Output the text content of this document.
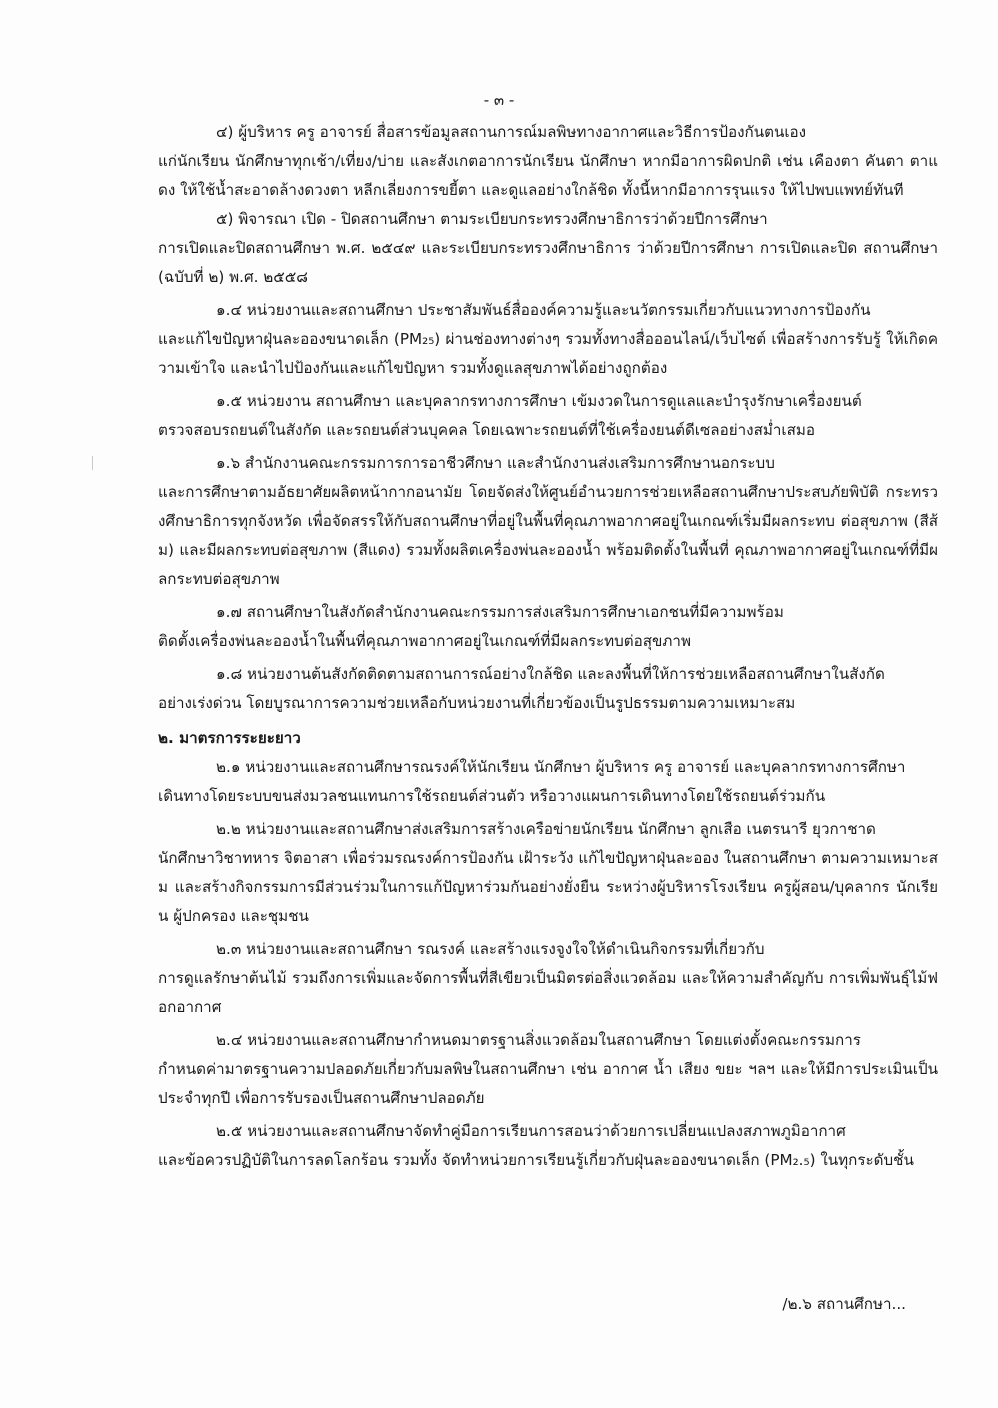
- ๓ -

๔) ผู้บริหาร ครู อาจารย์ สื่อสารข้อมูลสถานการณ์มลพิษทางอากาศและวิธีการป้องกันตนเอง
แก่นักเรียน นักศึกษาทุกเช้า/เที่ยง/บ่าย และสังเกตอาการนักเรียน นักศึกษา หากมีอาการผิดปกติ เช่น เคืองตา คันตา ตาแดง ให้ใช้น้ำสะอาดล้างดวงตา หลีกเลี่ยงการขยี้ตา และดูแลอย่างใกล้ชิด ทั้งนี้หากมีอาการรุนแรง ให้ไปพบแพทย์ทันที

๕) พิจารณา เปิด - ปิดสถานศึกษา ตามระเบียบกระทรวงศึกษาธิการว่าด้วยปีการศึกษา
การเปิดและปิดสถานศึกษา พ.ศ. ๒๕๔๙ และระเบียบกระทรวงศึกษาธิการ ว่าด้วยปีการศึกษา การเปิดและปิด สถานศึกษา (ฉบับที่ ๒) พ.ศ. ๒๕๕๘

๑.๔ หน่วยงานและสถานศึกษา ประชาสัมพันธ์สื่อองค์ความรู้และนวัตกรรมเกี่ยวกับแนวทางการป้องกัน
และแก้ไขปัญหาฝุ่นละอองขนาดเล็ก (PM₂₅) ผ่านช่องทางต่างๆ รวมทั้งทางสื่อออนไลน์/เว็บไซต์ เพื่อสร้างการรับรู้ ให้เกิดความเข้าใจ และนำไปป้องกันและแก้ไขปัญหา รวมทั้งดูแลสุขภาพได้อย่างถูกต้อง

๑.๕ หน่วยงาน สถานศึกษา และบุคลากรทางการศึกษา เข้มงวดในการดูแลและบำรุงรักษาเครื่องยนต์
ตรวจสอบรถยนต์ในสังกัด และรถยนต์ส่วนบุคคล โดยเฉพาะรถยนต์ที่ใช้เครื่องยนต์ดีเซลอย่างสม่ำเสมอ

๑.๖ สำนักงานคณะกรรมการการอาชีวศึกษา และสำนักงานส่งเสริมการศึกษานอกระบบ
และการศึกษาตามอัธยาศัยผลิตหน้ากากอนามัย โดยจัดส่งให้ศูนย์อำนวยการช่วยเหลือสถานศึกษาประสบภัยพิบัติ กระทรวงศึกษาธิการทุกจังหวัด เพื่อจัดสรรให้กับสถานศึกษาที่อยู่ในพื้นที่คุณภาพอากาศอยู่ในเกณฑ์เริ่มมีผลกระทบ ต่อสุขภาพ (สีส้ม) และมีผลกระทบต่อสุขภาพ (สีแดง) รวมทั้งผลิตเครื่องพ่นละอองน้ำ พร้อมติดตั้งในพื้นที่ คุณภาพอากาศอยู่ในเกณฑ์ที่มีผลกระทบต่อสุขภาพ

๑.๗ สถานศึกษาในสังกัดสำนักงานคณะกรรมการส่งเสริมการศึกษาเอกชนที่มีความพร้อม
ติดตั้งเครื่องพ่นละอองน้ำในพื้นที่คุณภาพอากาศอยู่ในเกณฑ์ที่มีผลกระทบต่อสุขภาพ

๑.๘ หน่วยงานต้นสังกัดติดตามสถานการณ์อย่างใกล้ชิด และลงพื้นที่ให้การช่วยเหลือสถานศึกษาในสังกัด
อย่างเร่งด่วน โดยบูรณาการความช่วยเหลือกับหน่วยงานที่เกี่ยวข้องเป็นรูปธรรมตามความเหมาะสม

๒. มาตรการระยะยาว

๒.๑ หน่วยงานและสถานศึกษารณรงค์ให้นักเรียน นักศึกษา ผู้บริหาร ครู อาจารย์ และบุคลากรทางการศึกษา
เดินทางโดยระบบขนส่งมวลชนแทนการใช้รถยนต์ส่วนตัว หรือวางแผนการเดินทางโดยใช้รถยนต์ร่วมกัน

๒.๒ หน่วยงานและสถานศึกษาส่งเสริมการสร้างเครือข่ายนักเรียน นักศึกษา ลูกเสือ เนตรนารี ยุวกาชาด
นักศึกษาวิชาทหาร จิตอาสา เพื่อร่วมรณรงค์การป้องกัน เฝ้าระวัง แก้ไขปัญหาฝุ่นละออง ในสถานศึกษา ตามความเหมาะสม และสร้างกิจกรรมการมีส่วนร่วมในการแก้ปัญหาร่วมกันอย่างยั่งยืน ระหว่างผู้บริหารโรงเรียน ครูผู้สอน/บุคลากร นักเรียน ผู้ปกครอง และชุมชน

๒.๓ หน่วยงานและสถานศึกษา รณรงค์ และสร้างแรงจูงใจให้ดำเนินกิจกรรมที่เกี่ยวกับ
การดูแลรักษาต้นไม้ รวมถึงการเพิ่มและจัดการพื้นที่สีเขียวเป็นมิตรต่อสิ่งแวดล้อม และให้ความสำคัญกับ การเพิ่มพันธุ์ไม้ฟอกอากาศ

๒.๔ หน่วยงานและสถานศึกษากำหนดมาตรฐานสิ่งแวดล้อมในสถานศึกษา โดยแต่งตั้งคณะกรรมการ
กำหนดค่ามาตรฐานความปลอดภัยเกี่ยวกับมลพิษในสถานศึกษา เช่น อากาศ น้ำ เสียง ขยะ ฯลฯ และให้มีการประเมินเป็นประจำทุกปี เพื่อการรับรองเป็นสถานศึกษาปลอดภัย

๒.๕ หน่วยงานและสถานศึกษาจัดทำคู่มือการเรียนการสอนว่าด้วยการเปลี่ยนแปลงสภาพภูมิอากาศ
และข้อควรปฏิบัติในการลดโลกร้อน รวมทั้ง จัดทำหน่วยการเรียนรู้เกี่ยวกับฝุ่นละอองขนาดเล็ก (PM₂.₅) ในทุกระดับชั้น

/๒.๖ สถานศึกษา...
